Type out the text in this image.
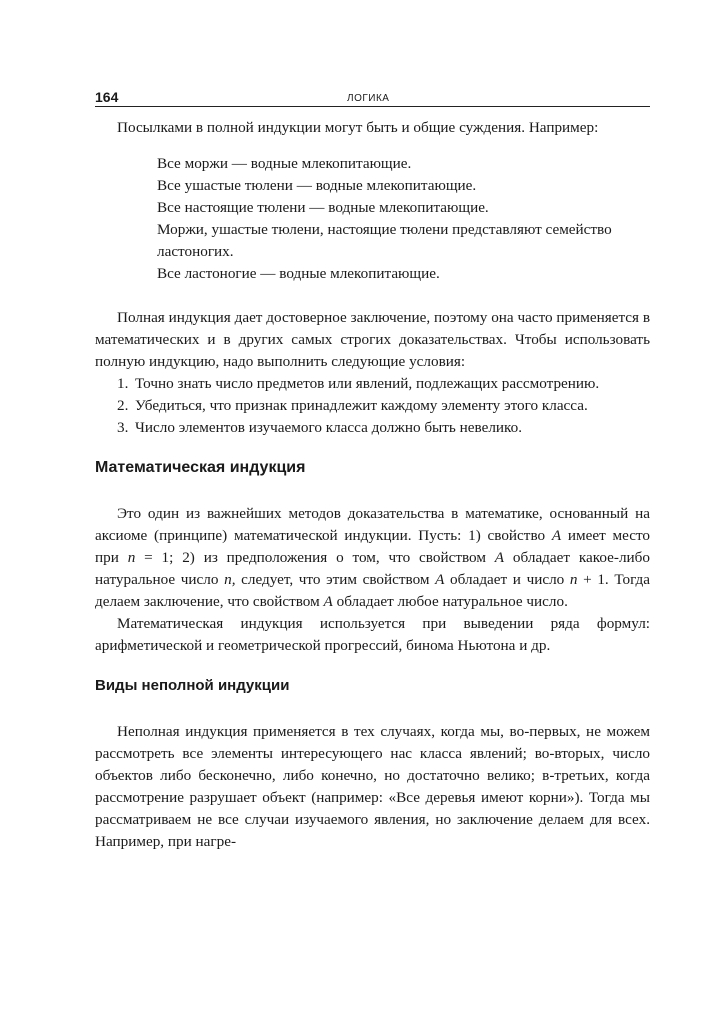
164	ЛОГИКА

Посылками в полной индукции могут быть и общие суждения. Например:

Все моржи — водные млекопитающие.
Все ушастые тюлени — водные млекопитающие.
Все настоящие тюлени — водные млекопитающие.
Моржи, ушастые тюлени, настоящие тюлени представляют семейство ластоногих.
Все ластоногие — водные млекопитающие.

Полная индукция дает достоверное заключение, поэтому она часто применяется в математических и в других самых строгих доказательствах. Чтобы использовать полную индукцию, надо выполнить следующие условия:

1. Точно знать число предметов или явлений, подлежащих рассмотрению.
2. Убедиться, что признак принадлежит каждому элементу этого класса.
3. Число элементов изучаемого класса должно быть невелико.
Математическая индукция

Это один из важнейших методов доказательства в математике, основанный на аксиоме (принципе) математической индукции. Пусть: 1) свойство А имеет место при п = 1; 2) из предположения о том, что свойством А обладает какое-либо натуральное число п, следует, что этим свойством А обладает и число п + 1. Тогда делаем заключение, что свойством А обладает любое натуральное число.

Математическая индукция используется при выведении ряда формул: арифметической и геометрической прогрессий, бинома Ньютона и др.

Виды неполной индукции

Неполная индукция применяется в тех случаях, когда мы, во-первых, не можем рассмотреть все элементы интересующего нас класса явлений; во-вторых, число объектов либо бесконечно, либо конечно, но достаточно велико; в-третьих, когда рассмотрение разрушает объект (например: «Все деревья имеют корни»). Тогда мы рассматриваем не все случаи изучаемого явления, но заключение делаем для всех. Например, при нагре-
